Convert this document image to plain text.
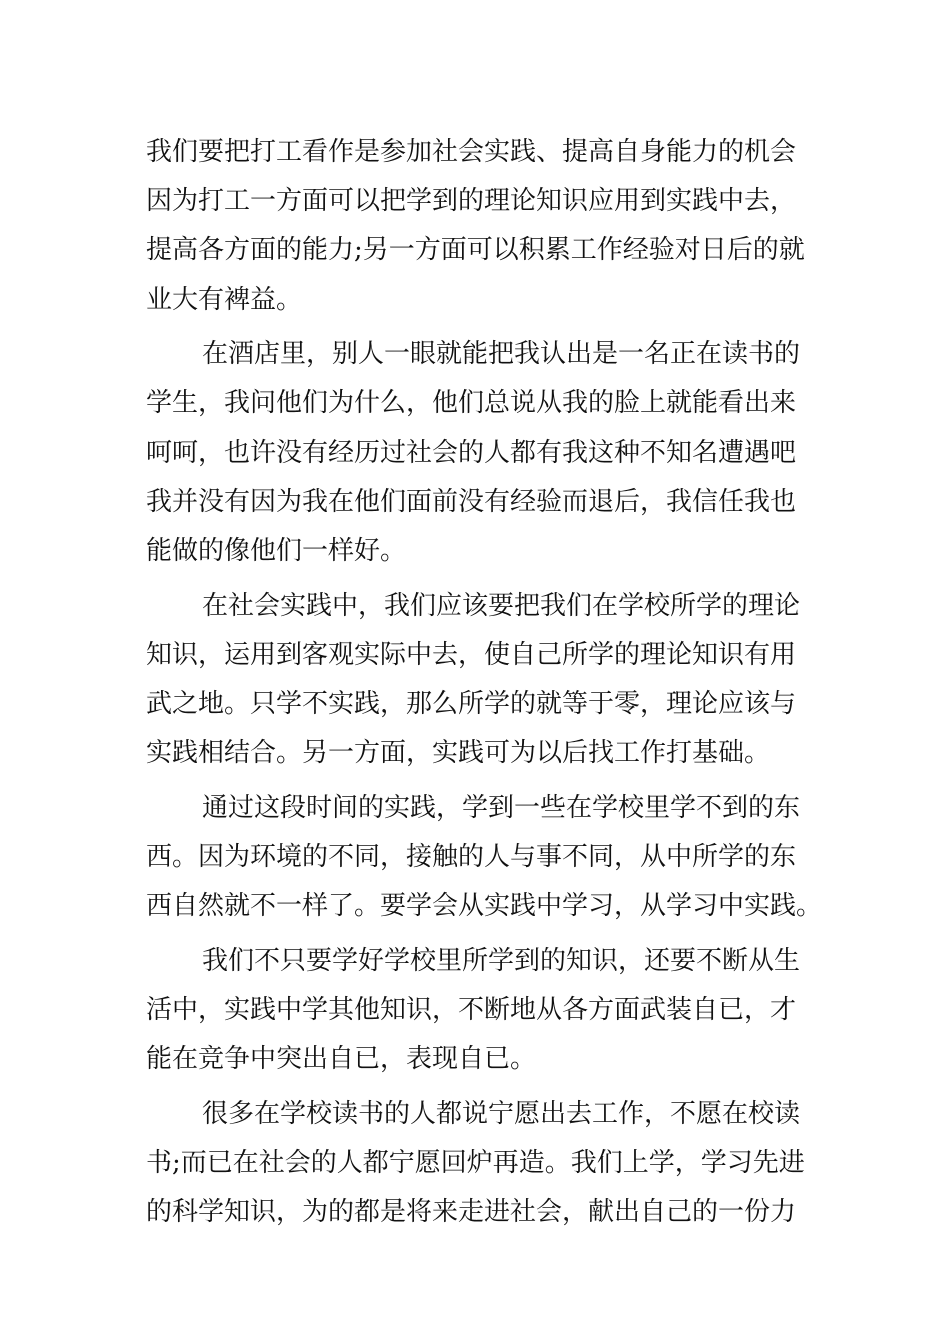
我们要把打工看作是参加社会实践、提高自身能力的机会
因为打工一方面可以把学到的理论知识应用到实践中去，
提高各方面的能力;另一方面可以积累工作经验对日后的就
业大有裨益。
在酒店里，别人一眼就能把我认出是一名正在读书的
学生，我问他们为什么，他们总说从我的脸上就能看出来
呵呵，也许没有经历过社会的人都有我这种不知名遭遇吧
我并没有因为我在他们面前没有经验而退后，我信任我也
能做的像他们一样好。
在社会实践中，我们应该要把我们在学校所学的理论
知识，运用到客观实际中去，使自己所学的理论知识有用
武之地。只学不实践，那么所学的就等于零，理论应该与
实践相结合。另一方面，实践可为以后找工作打基础。
通过这段时间的实践，学到一些在学校里学不到的东
西。因为环境的不同，接触的人与事不同，从中所学的东
西自然就不一样了。要学会从实践中学习，从学习中实践。
我们不只要学好学校里所学到的知识，还要不断从生
活中，实践中学其他知识，不断地从各方面武装自已，才
能在竞争中突出自已，表现自已。
很多在学校读书的人都说宁愿出去工作，不愿在校读
书;而已在社会的人都宁愿回炉再造。我们上学，学习先进
的科学知识，为的都是将来走进社会，献出自己的一份力
